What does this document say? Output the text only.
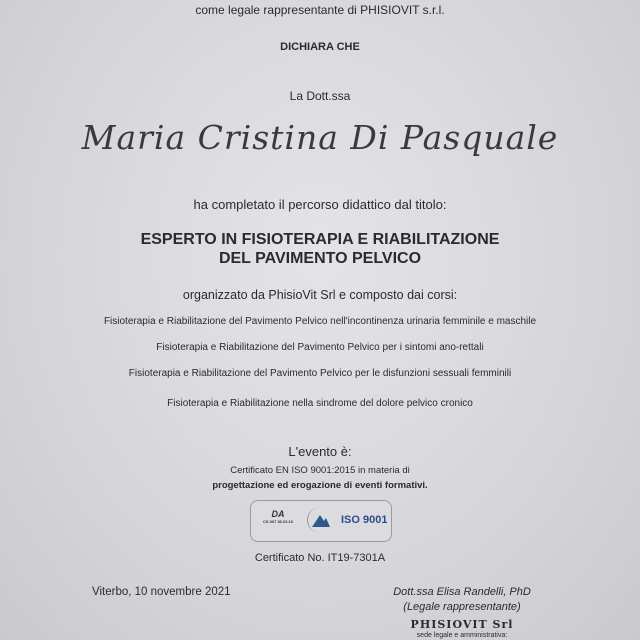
come legale rappresentante di PHISIOVIT s.r.l.
DICHIARA CHE
La Dott.ssa
Maria Cristina Di Pasquale
ha completato il percorso didattico dal titolo:
ESPERTO IN FISIOTERAPIA E RIABILITAZIONE
DEL PAVIMENTO PELVICO
organizzato da PhisioVit Srl e composto dai corsi:
Fisioterapia e Riabilitazione del Pavimento Pelvico nell'incontinenza urinaria femminile e maschile
Fisioterapia e Riabilitazione del Pavimento Pelvico per i sintomi ano-rettali
Fisioterapia e Riabilitazione del Pavimento Pelvico per le disfunzioni sessuali femminili
Fisioterapia e Riabilitazione nella sindrome del dolore pelvico cronico
L'evento è:
Certificato EN ISO 9001:2015 in materia di
progettazione ed erogazione di eventi formativi.
DA
CS 007 36.02.16	ISO 9001
Certificato No. IT19-7301A
Viterbo, 10 novembre 2021	Dott.ssa Elisa Randelli, PhD
(Legale rappresentante)
PHISIOVIT Srl
sede legale e amministrativa:
